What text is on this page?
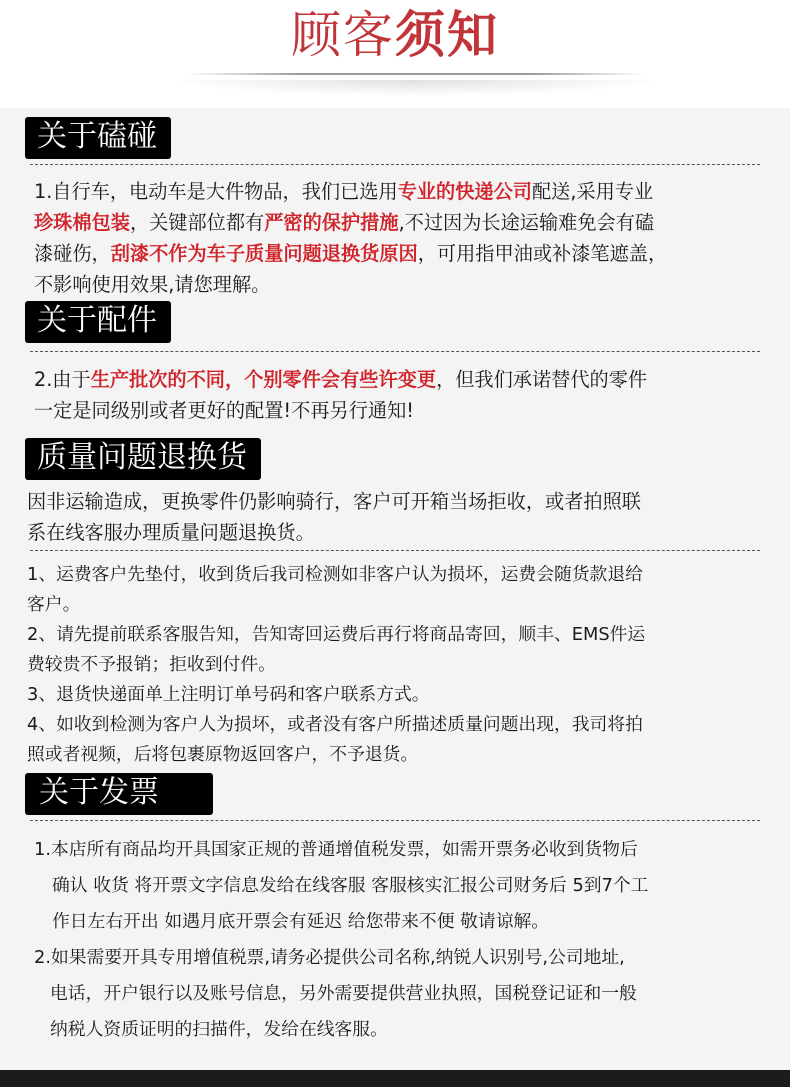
顾客须知
关于磕碰
1.自行车，电动车是大件物品，我们已选用专业的快递公司配送,采用专业
珍珠棉包装，关键部位都有严密的保护措施,不过因为长途运输难免会有磕
漆碰伤，刮漆不作为车子质量问题退换货原因，可用指甲油或补漆笔遮盖，
不影响使用效果,请您理解。
关于配件
2.由于生产批次的不同，个别零件会有些许变更，但我们承诺替代的零件
一定是同级别或者更好的配置!不再另行通知!
质量问题退换货
因非运输造成，更换零件仍影响骑行，客户可开箱当场拒收，或者拍照联
系在线客服办理质量问题退换货。
1、运费客户先垫付，收到货后我司检测如非客户认为损坏，运费会随货款退给
客户。
2、请先提前联系客服告知，告知寄回运费后再行将商品寄回，顺丰、EMS件运
费较贵不予报销；拒收到付件。
3、退货快递面单上注明订单号码和客户联系方式。
4、如收到检测为客户人为损坏，或者没有客户所描述质量问题出现，我司将拍
照或者视频，后将包裹原物返回客户，不予退货。
关于发票
1.本店所有商品均开具国家正规的普通增值税发票，如需开票务必收到货物后
确认 收货 将开票文字信息发给在线客服 客服核实汇报公司财务后 5到7个工
作日左右开出 如遇月底开票会有延迟 给您带来不便 敬请谅解。
2.如果需要开具专用增值税票,请务必提供公司名称,纳锐人识别号,公司地址,
电话，开户银行以及账号信息，另外需要提供营业执照，国税登记证和一般
纳税人资质证明的扫描件，发给在线客服。
